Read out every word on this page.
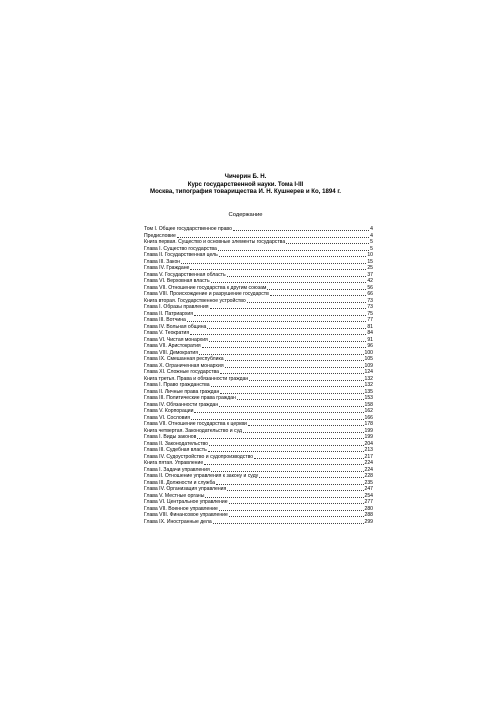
Чичерин Б. Н.
Курс государственной науки. Тома I-III
Москва, типография товарищества И. Н. Кушнерев и Ко, 1894 г.
Содержание
Том I. Общее государственное право	4
Предисловие	4
Книга первая. Существо и основные элементы государства	5
Глава I. Существо государства	5
Глава II. Государственная цель	10
Глава III. Закон	15
Глава IV. Граждане	25
Глава V. Государственная область	37
Глава VI. Верховная власть	42
Глава VII. Отношение государства к другим союзам	56
Глава VIII. Происхождение и разрушение государств	66
Книга вторая. Государственное устройство	73
Глава I. Образы правления	73
Глава II. Патриархия	75
Глава III. Вотчина	77
Глава IV. Вольная община	81
Глава V. Теократия	84
Глава VI. Чистая монархия	91
Глава VII. Аристократия	96
Глава VIII. Демократия	100
Глава IX. Смешанная республика	105
Глава X. Ограниченная монархия	109
Глава XI. Сложные государства	124
Книга третья. Права и обязанности граждан	132
Глава I. Право гражданства	132
Глава II. Личные права граждан	135
Глава III. Политические права граждан	153
Глава IV. Обязанности граждан	158
Глава V. Корпорации	162
Глава VI. Сословия	166
Глава VII. Отношение государства к церкви	178
Книга четвертая. Законодательство и суд	199
Глава I. Виды законов	199
Глава II. Законодательство	204
Глава III. Судебная власть	213
Глава IV. Судоустройство и судопроизводство	217
Книга пятая. Управление	224
Глава I. Задачи управления	224
Глава II. Отношение управления к закону и суду	228
Глава III. Должности и служба	235
Глава IV. Организация управления	247
Глава V. Местные органы	254
Глава VI. Центральное управление	277
Глава VII. Военное управление	280
Глава VIII. Финансовое управление	288
Глава IX. Иностранные дела	299
